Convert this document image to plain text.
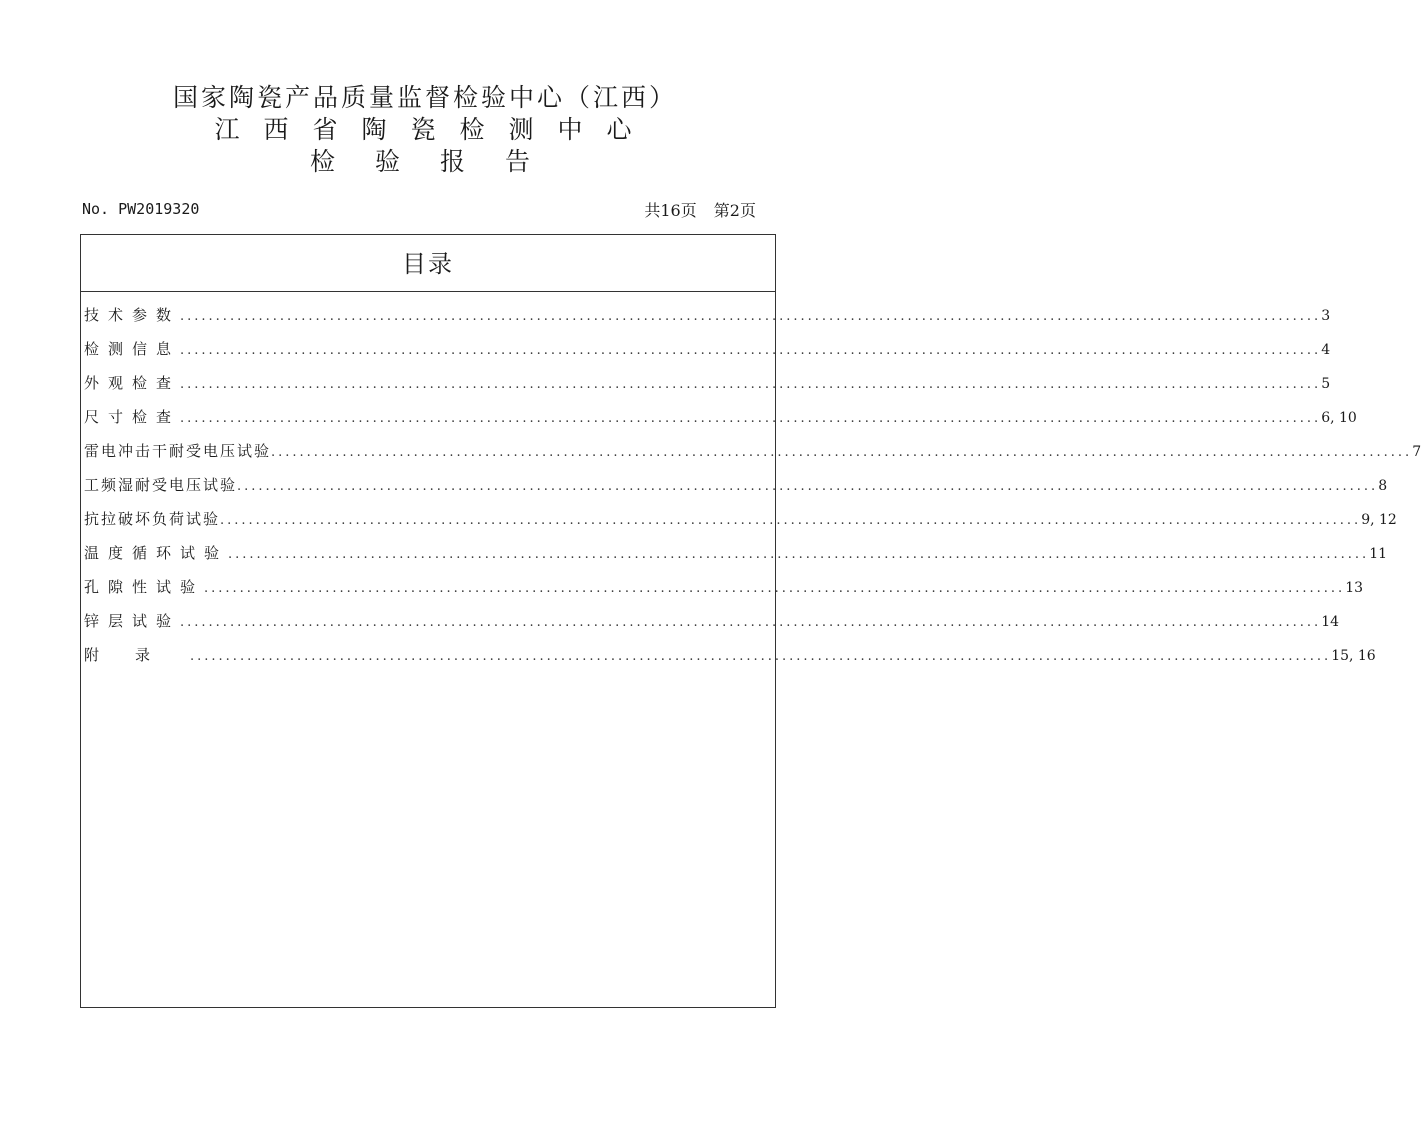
国家陶瓷产品质量监督检验中心（江西）
江西省陶瓷检测中心
检验报告
No. PW2019320	共16页 第2页
目录
技术参数 ................................................................................................................................................................ 3
检测信息 ................................................................................................................................................................ 4
外观检查 ................................................................................................................................................................ 5
尺寸检查 ................................................................................................................................................................ 6, 10
雷电冲击干耐受电压试验 ................................................................................................................................................................ 7
工频湿耐受电压试验 ................................................................................................................................................................ 8
抗拉破坏负荷试验 ................................................................................................................................................................ 9, 12
温度循环试验 ................................................................................................................................................................ 11
孔隙性试验 ................................................................................................................................................................ 13
锌层试验 ................................................................................................................................................................ 14
附录 ................................................................................................................................................................ 15, 16
